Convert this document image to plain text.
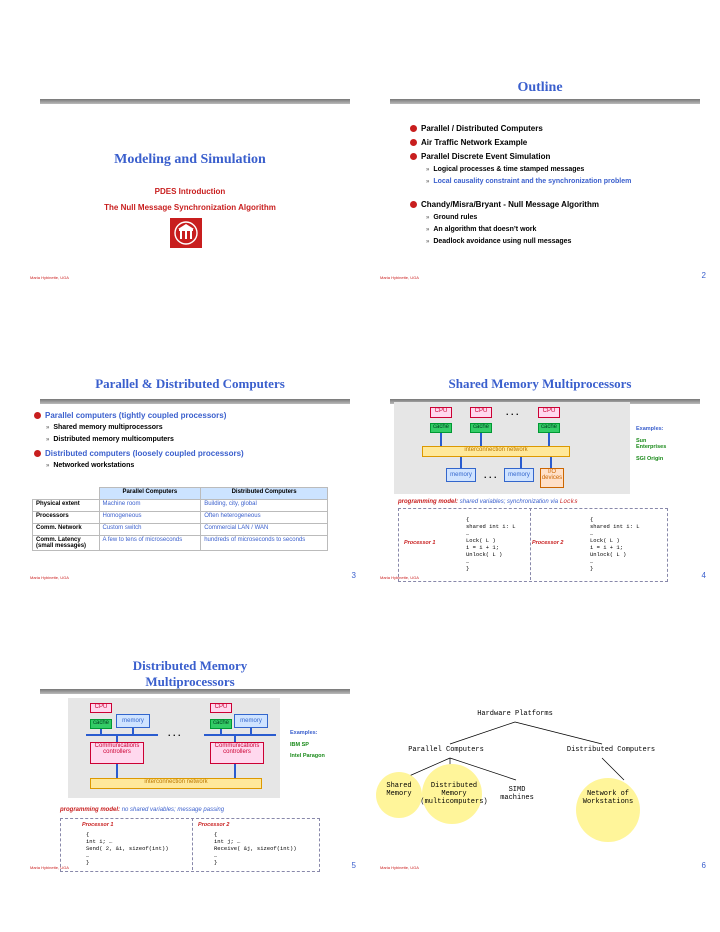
Modeling and Simulation
PDES Introduction
The Null Message Synchronization Algorithm
Maria Hybinette, UGA
Outline
Parallel / Distributed Computers
Air Traffic Network Example
Parallel Discrete Event Simulation
» Logical processes & time stamped messages
» Local causality constraint and the synchronization problem
Chandy/Misra/Bryant - Null Message Algorithm
» Ground rules
» An algorithm that doesn’t work
» Deadlock avoidance using null messages
Maria Hybinette, UGA	2
Parallel & Distributed Computers
Parallel computers (tightly coupled processors)
» Shared memory multiprocessors
» Distributed memory multicomputers
Distributed computers (loosely coupled processors)
» Networked workstations
	Parallel Computers	Distributed Computers
Physical extent	Machine room	Building, city, global
Processors	Homogeneous	Often heterogeneous
Comm. Network	Custom switch	Commercial LAN / WAN
Comm. Latency (small messages)	A few to tens of microseconds	hundreds of microseconds to seconds
Maria Hybinette, UGA	3
Shared Memory Multiprocessors
CPU	CPU	CPU
. . .
cache	cache	cache
interconnection network
memory	. . .	memory	I/O devices
Examples:
Sun Enterprises
SGI Origin
programming model: shared variables; synchronization via Locks
Processor 1
{
shared int i: L
…
Lock( L )
i = i + 1;
Unlock( L )
…
}
Processor 2
{
shared int i: L
…
Lock( L )
i = i + 1;
Unlock( L )
…
}
Maria Hybinette, UGA	4
Distributed Memory Multiprocessors
CPU	CPU
memory	memory
cache	cache
. . .
Communications controllers
Communications controllers
interconnection network
Examples:
IBM SP
Intel Paragon
programming model: no shared variables; message passing
Processor 1
{
int i; …
Send( 2, &i, sizeof(int))
…
}
Processor 2
{
int j; …
Receive( &j, sizeof(int))
…
}
Maria Hybinette, UGA	5
Hardware Platforms
Parallel Computers	Distributed Computers
Shared
Memory
Distributed
Memory
(multicomputers)
SIMD
machines	Network of
Workstations
Maria Hybinette, UGA	6
